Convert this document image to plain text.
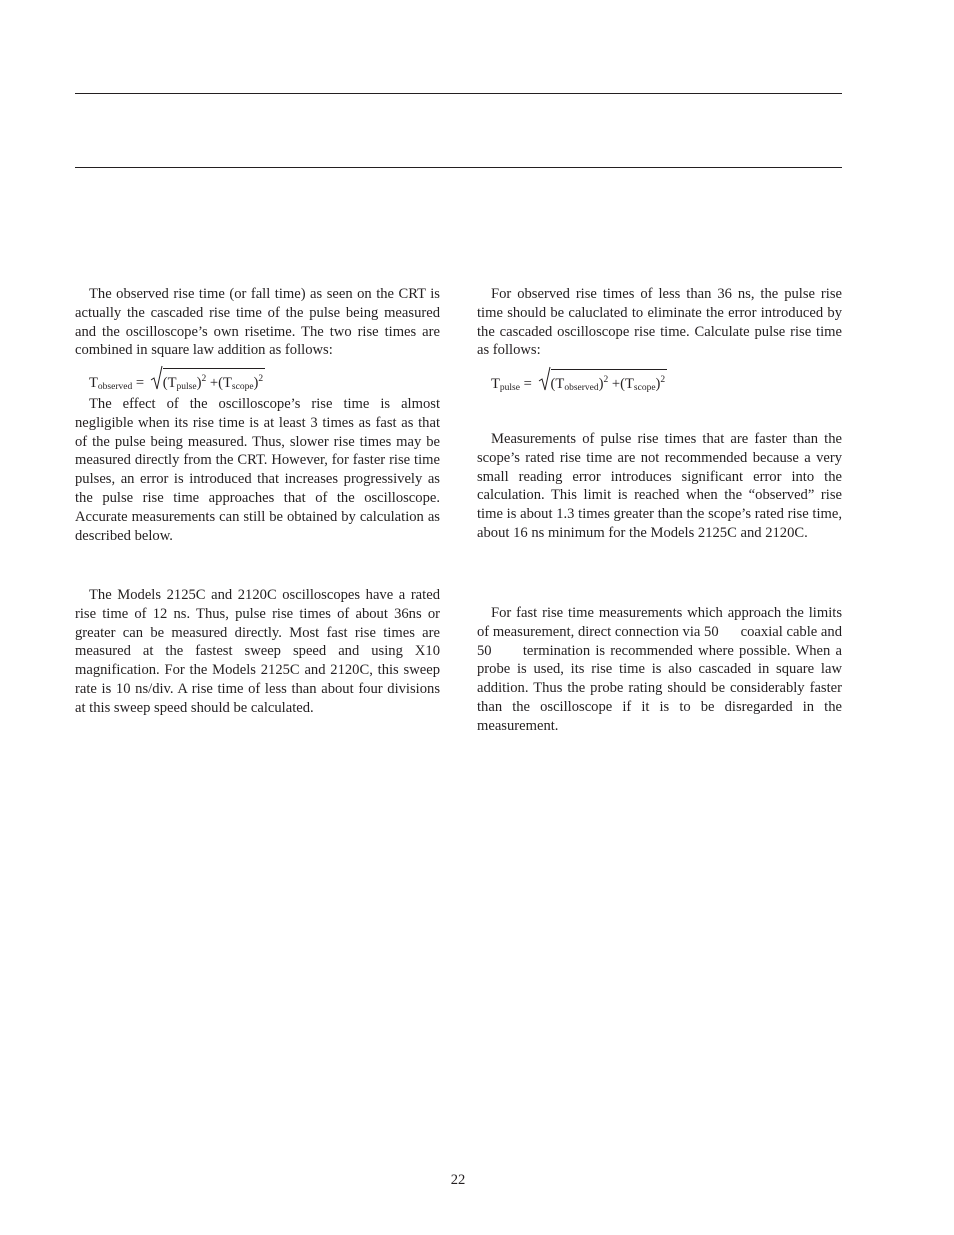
The observed rise time (or fall time) as seen on the CRT is actually the cascaded rise time of the pulse being measured and the oscilloscope’s own risetime. The two rise times are combined in square law addition as follows:

$T_{observed} = (T_{pulse})^2 +(T_{scope})^2$

The effect of the oscilloscope’s rise time is almost negligible when its rise time is at least 3 times as fast as that of the pulse being measured. Thus, slower rise times may be measured directly from the CRT. However, for faster rise time pulses, an error is introduced that increases progressively as the pulse rise time approaches that of the oscilloscope. Accurate measurements can still be obtained by calculation as described below.

The Models 2125C and 2120C oscilloscopes have a rated rise time of 12 ns. Thus, pulse rise times of about 36ns or greater can be measured directly. Most fast rise times are measured at the fastest sweep speed and using X10 magnification. For the Models 2125C and 2120C, this sweep rate is 10 ns/div. A rise time of less than about four divisions at this sweep speed should be calculated.

For observed rise times of less than 36 ns, the pulse rise time should be caluclated to eliminate the error introduced by the cascaded oscilloscope rise time. Calculate pulse rise time as follows:

$T_{pulse} = (T_{observed})^2 +(T_{scope})^2$

Measurements of pulse rise times that are faster than the scope’s rated rise time are not recommended because a very small reading error introduces significant error into the calculation. This limit is reached when the “observed” rise time is about 1.3 times greater than the scope’s rated rise time, about 16 ns minimum for the Models 2125C and 2120C.

For fast rise time measurements which approach the limits of measurement, direct connection via 50      coaxial cable and 50      termination is recommended where possible. When a probe is used, its rise time is also cascaded in square law addition. Thus the probe rating should be considerably faster than the oscilloscope if it is to be disregarded in the measurement.

22
